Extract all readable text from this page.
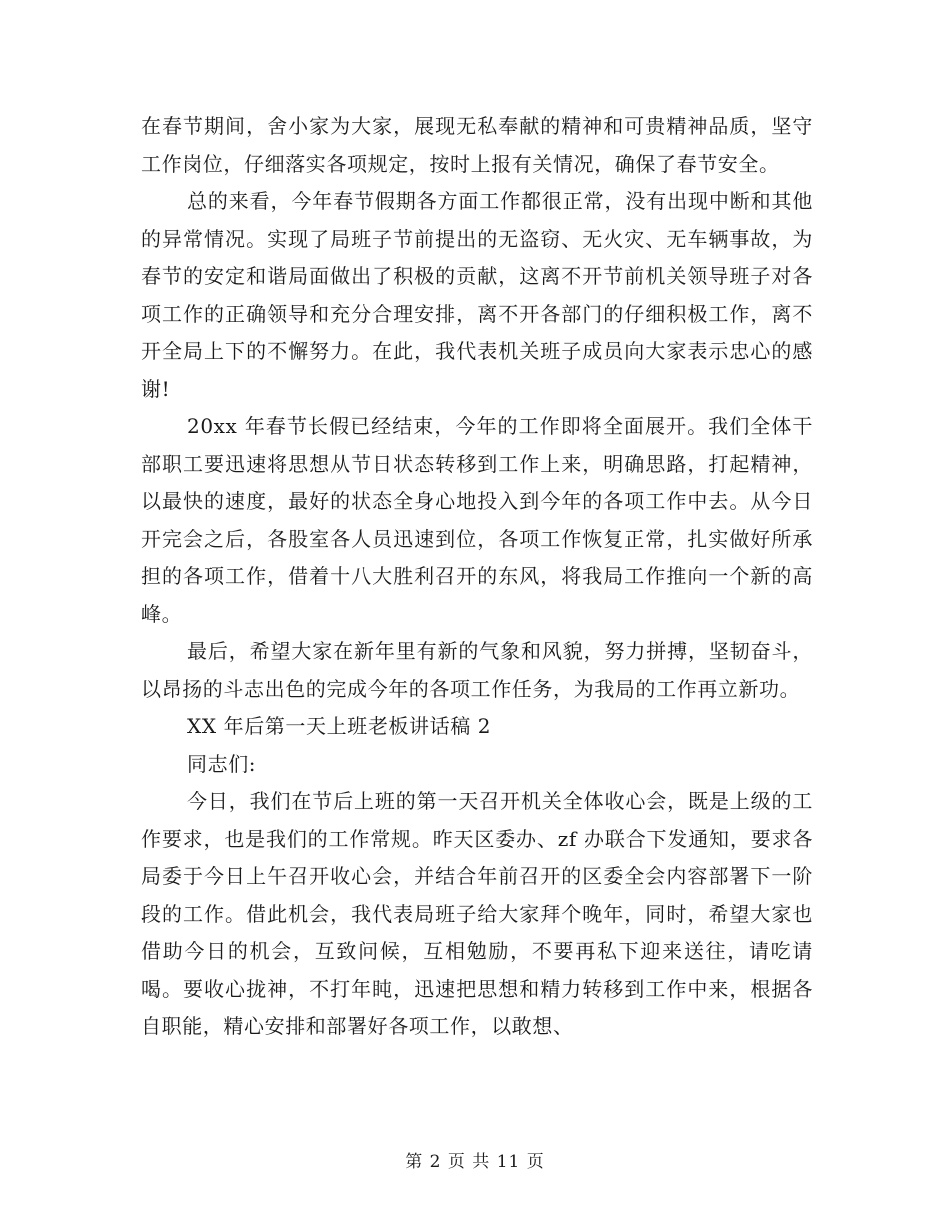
在春节期间，舍小家为大家，展现无私奉献的精神和可贵精神品质，坚守工作岗位，仔细落实各项规定，按时上报有关情况，确保了春节安全。

总的来看，今年春节假期各方面工作都很正常，没有出现中断和其他的异常情况。实现了局班子节前提出的无盗窃、无火灾、无车辆事故，为春节的安定和谐局面做出了积极的贡献，这离不开节前机关领导班子对各项工作的正确领导和充分合理安排，离不开各部门的仔细积极工作，离不开全局上下的不懈努力。在此，我代表机关班子成员向大家表示忠心的感谢!

20xx 年春节长假已经结束，今年的工作即将全面展开。我们全体干部职工要迅速将思想从节日状态转移到工作上来，明确思路，打起精神，以最快的速度，最好的状态全身心地投入到今年的各项工作中去。从今日开完会之后，各股室各人员迅速到位，各项工作恢复正常，扎实做好所承担的各项工作，借着十八大胜利召开的东风，将我局工作推向一个新的高峰。

最后，希望大家在新年里有新的气象和风貌，努力拼搏，坚韧奋斗，以昂扬的斗志出色的完成今年的各项工作任务，为我局的工作再立新功。

XX 年后第一天上班老板讲话稿 2

同志们:

今日，我们在节后上班的第一天召开机关全体收心会，既是上级的工作要求，也是我们的工作常规。昨天区委办、zf 办联合下发通知，要求各局委于今日上午召开收心会，并结合年前召开的区委全会内容部署下一阶段的工作。借此机会，我代表局班子给大家拜个晚年，同时，希望大家也借助今日的机会，互致问候，互相勉励，不要再私下迎来送往，请吃请喝。要收心拢神，不打年盹，迅速把思想和精力转移到工作中来，根据各自职能，精心安排和部署好各项工作，以敢想、

第 2 页 共 11 页
